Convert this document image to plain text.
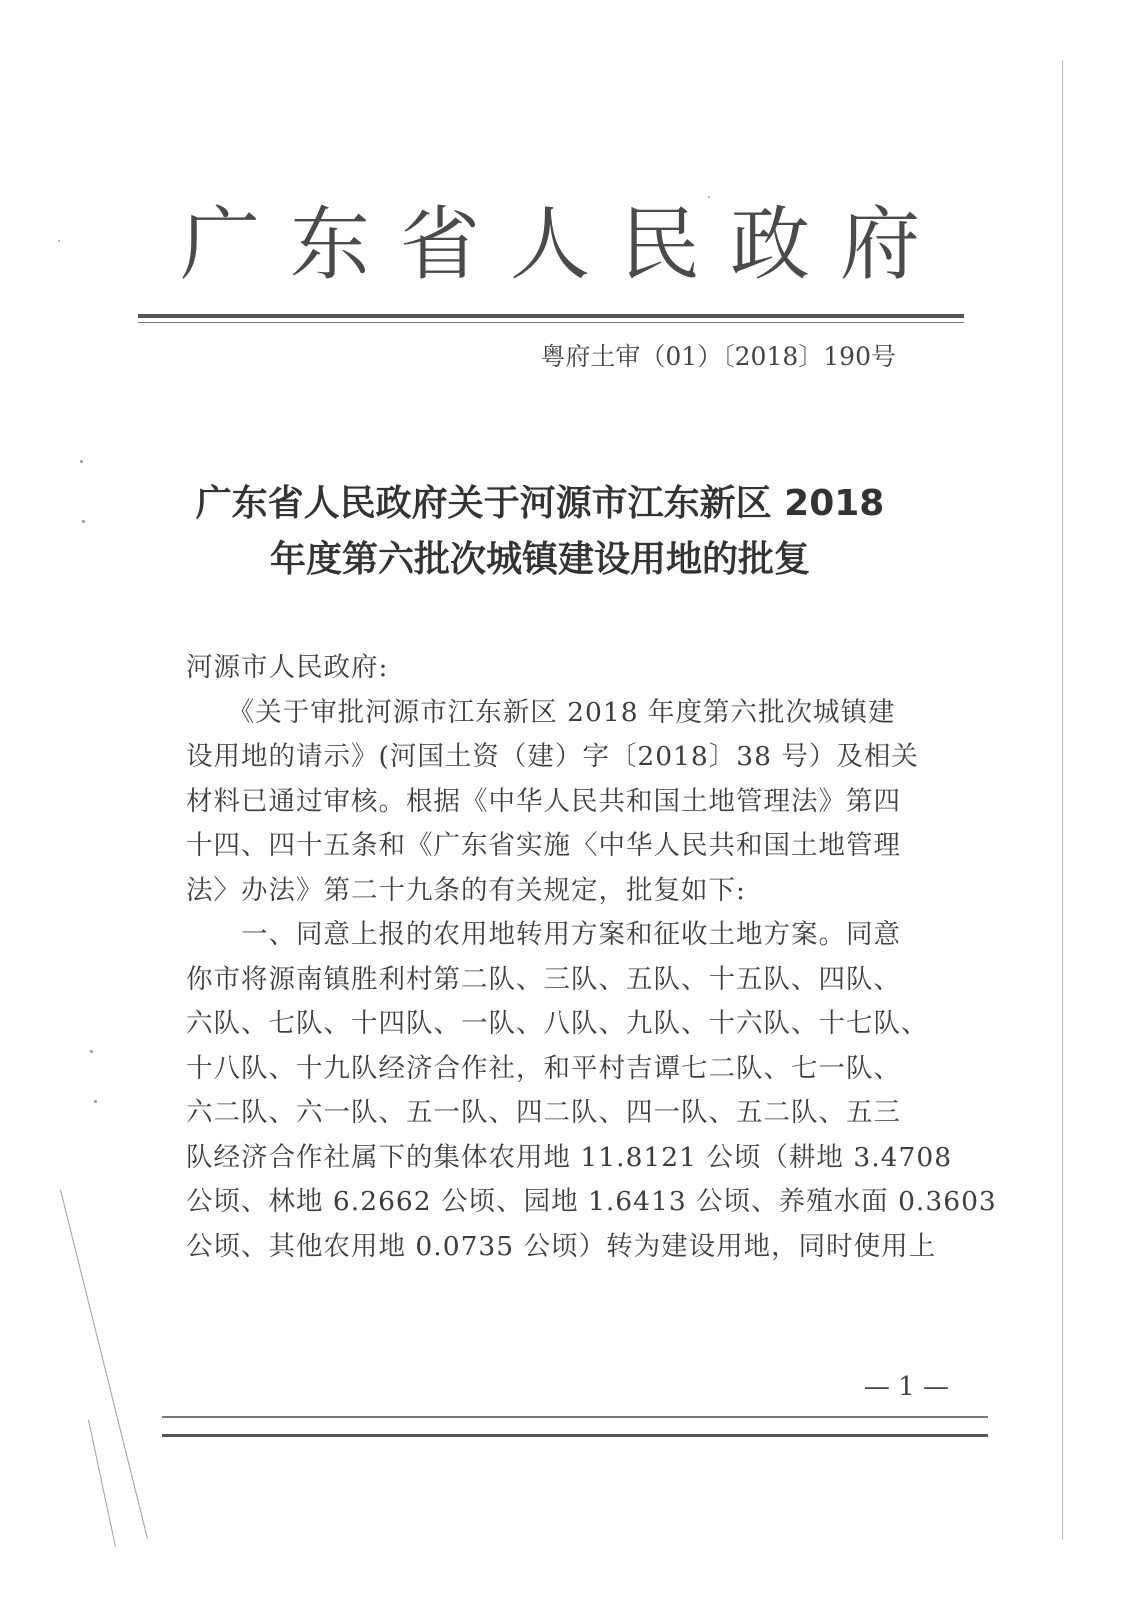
广 东 省 人 民 政 府
粤府土审（01）〔2018〕190号
广东省人民政府关于河源市江东新区 2018
年度第六批次城镇建设用地的批复
河源市人民政府:
　　《关于审批河源市江东新区 2018 年度第六批次城镇建
设用地的请示》(河国土资（建）字〔2018〕38 号）及相关
材料已通过审核。根据《中华人民共和国土地管理法》第四
十四、四十五条和《广东省实施〈中华人民共和国土地管理
法〉办法》第二十九条的有关规定，批复如下:
　　一、同意上报的农用地转用方案和征收土地方案。同意
你市将源南镇胜利村第二队、三队、五队、十五队、四队、
六队、七队、十四队、一队、八队、九队、十六队、十七队、
十八队、十九队经济合作社，和平村吉谭七二队、七一队、
六二队、六一队、五一队、四二队、四一队、五二队、五三
队经济合作社属下的集体农用地 11.8121 公顷（耕地 3.4708
公顷、林地 6.2662 公顷、园地 1.6413 公顷、养殖水面 0.3603
公顷、其他农用地 0.0735 公顷）转为建设用地，同时使用上
— 1 —
